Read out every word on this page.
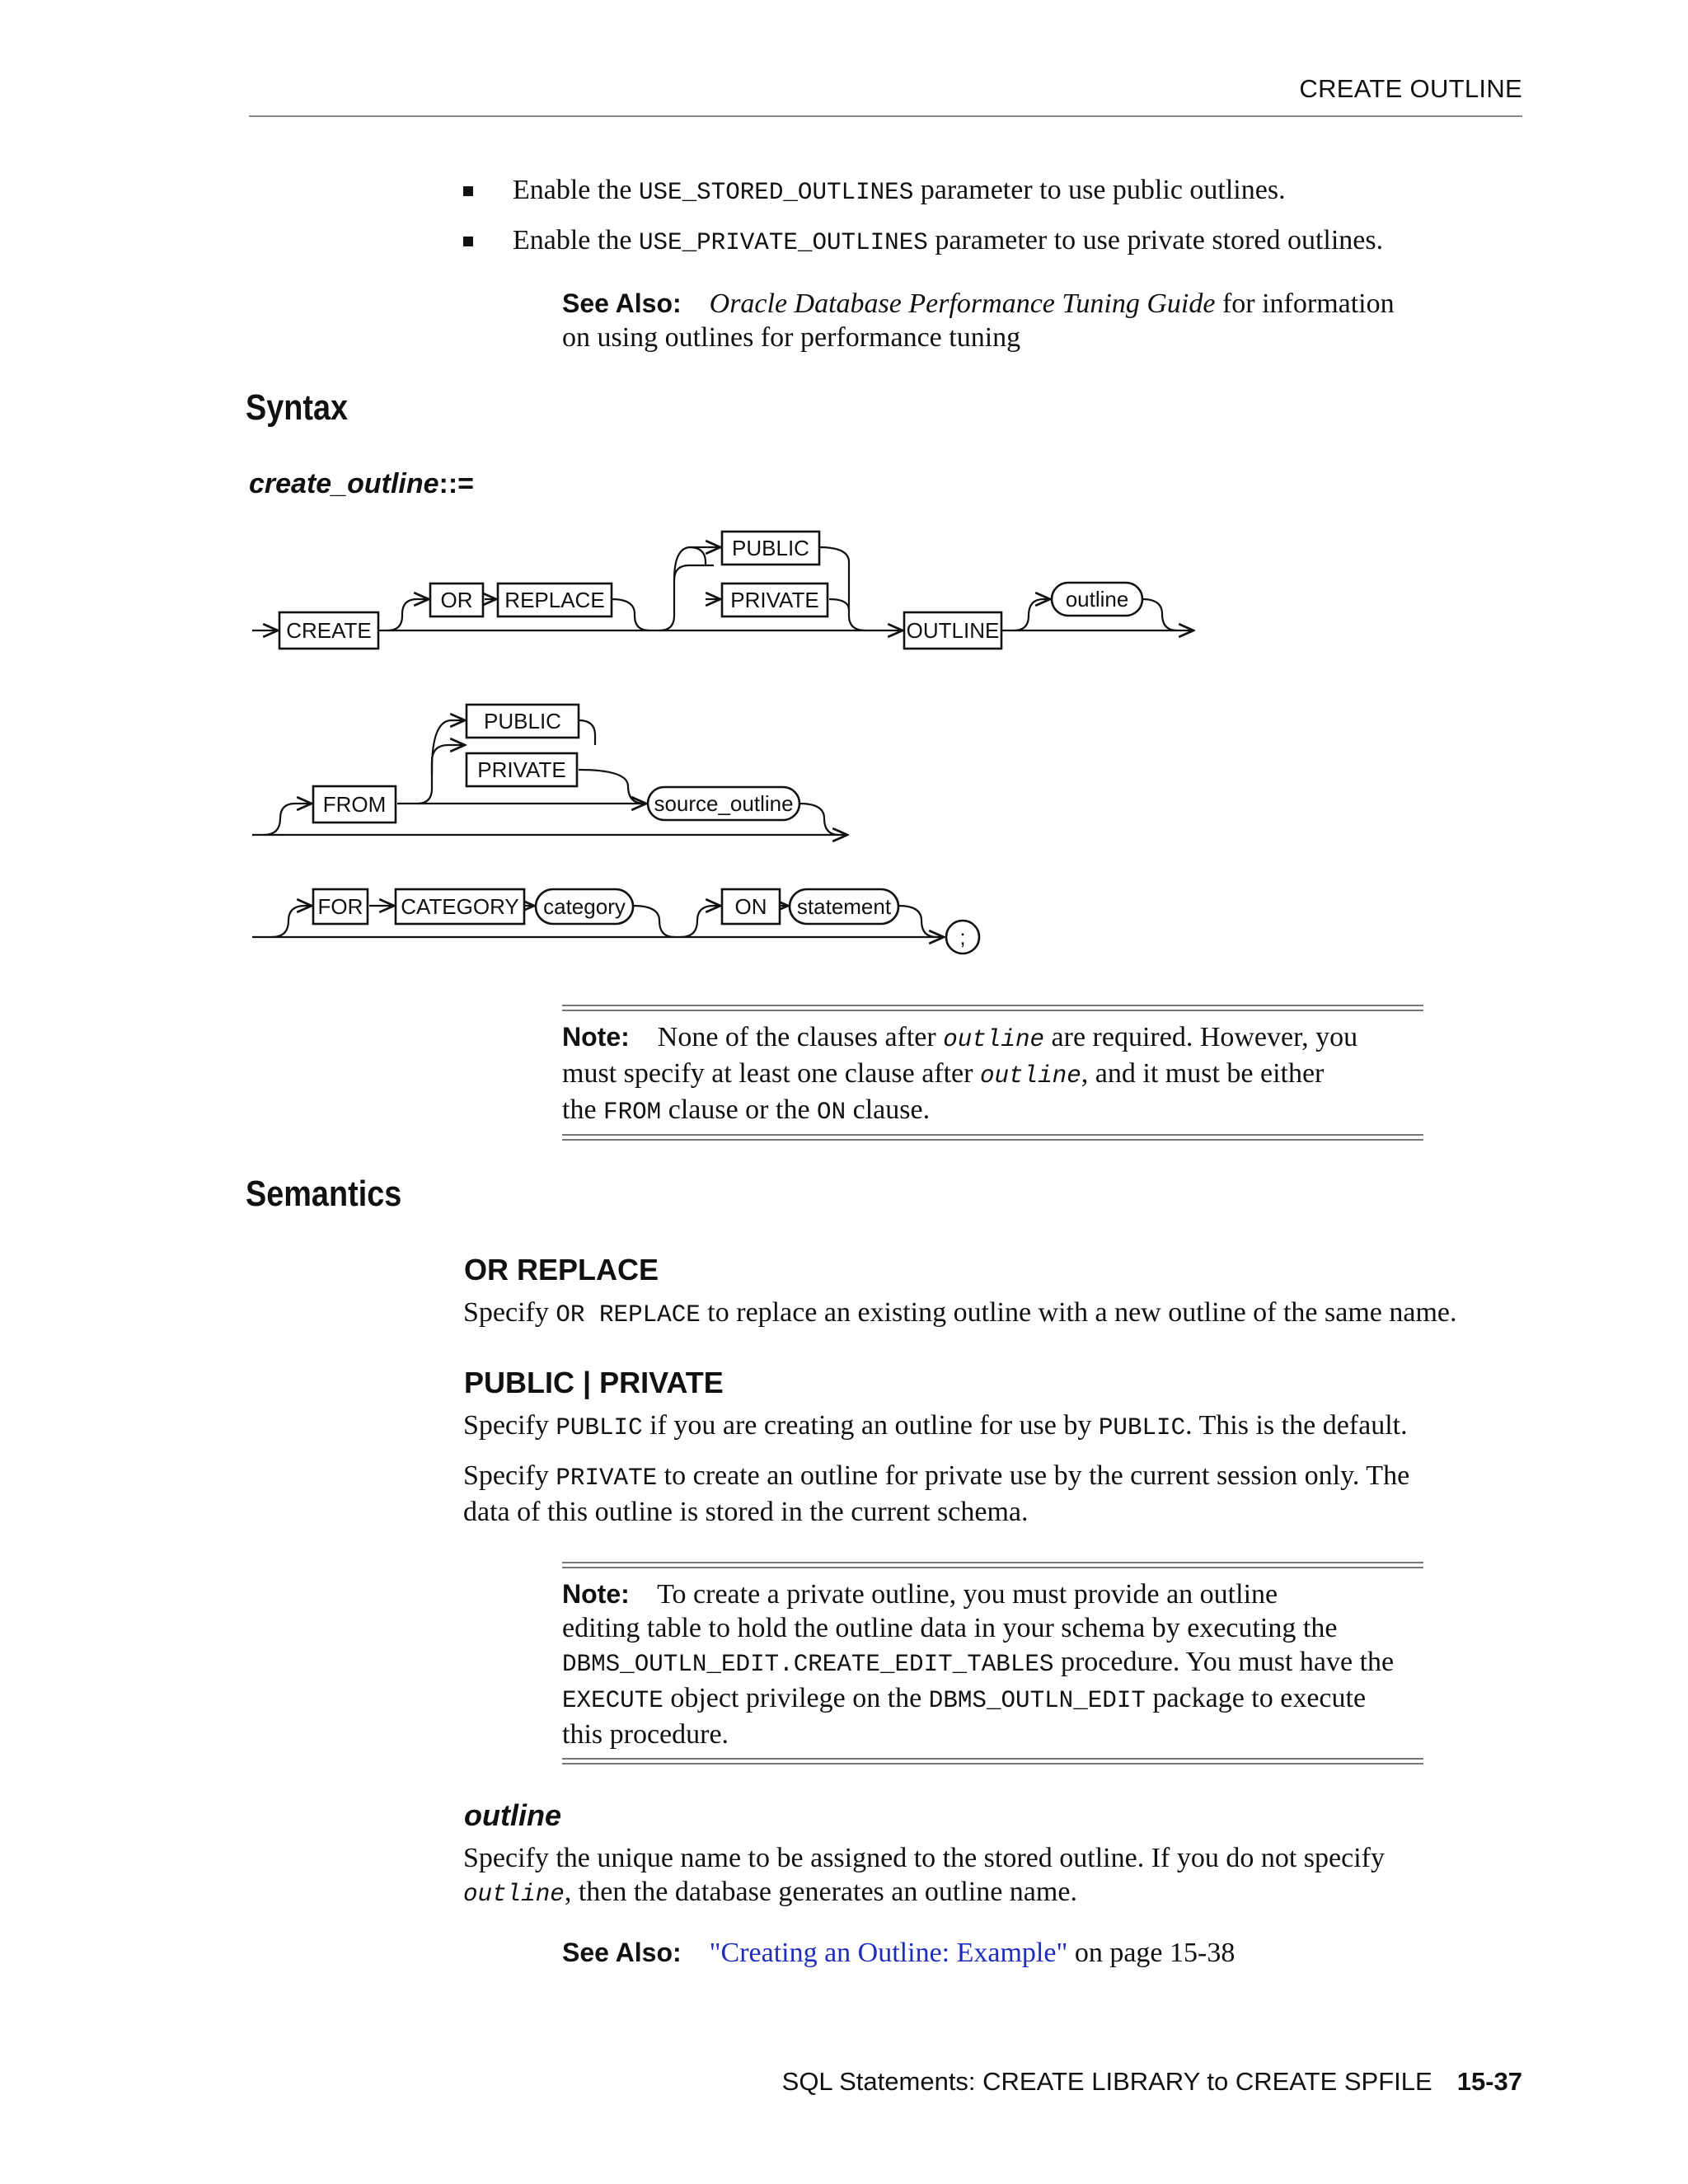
CREATE OUTLINE
Enable the USE_STORED_OUTLINES parameter to use public outlines.
Enable the USE_PRIVATE_OUTLINES parameter to use private stored outlines.
See Also: Oracle Database Performance Tuning Guide for information
on using outlines for performance tuning
Syntax
create_outline::=
CREATE
OR REPLACE
PUBLIC
PRIVATE
OUTLINE
outline
FROM
PUBLIC
PRIVATE
source_outline
FOR CATEGORY category	ON statement
;
Note: None of the clauses after outline are required. However, you
must specify at least one clause after outline, and it must be either
the FROM clause or the ON clause.
Semantics
OR REPLACE
Specify OR REPLACE to replace an existing outline with a new outline of the same name.
PUBLIC | PRIVATE
Specify PUBLIC if you are creating an outline for use by PUBLIC. This is the default.
Specify PRIVATE to create an outline for private use by the current session only. The
data of this outline is stored in the current schema.
Note: To create a private outline, you must provide an outline
editing table to hold the outline data in your schema by executing the
DBMS_OUTLN_EDIT.CREATE_EDIT_TABLES procedure. You must have the
EXECUTE object privilege on the DBMS_OUTLN_EDIT package to execute
this procedure.
outline
Specify the unique name to be assigned to the stored outline. If you do not specify
outline, then the database generates an outline name.
See Also: "Creating an Outline: Example" on page 15-38
SQL Statements: CREATE LIBRARY to CREATE SPFILE 15-37
